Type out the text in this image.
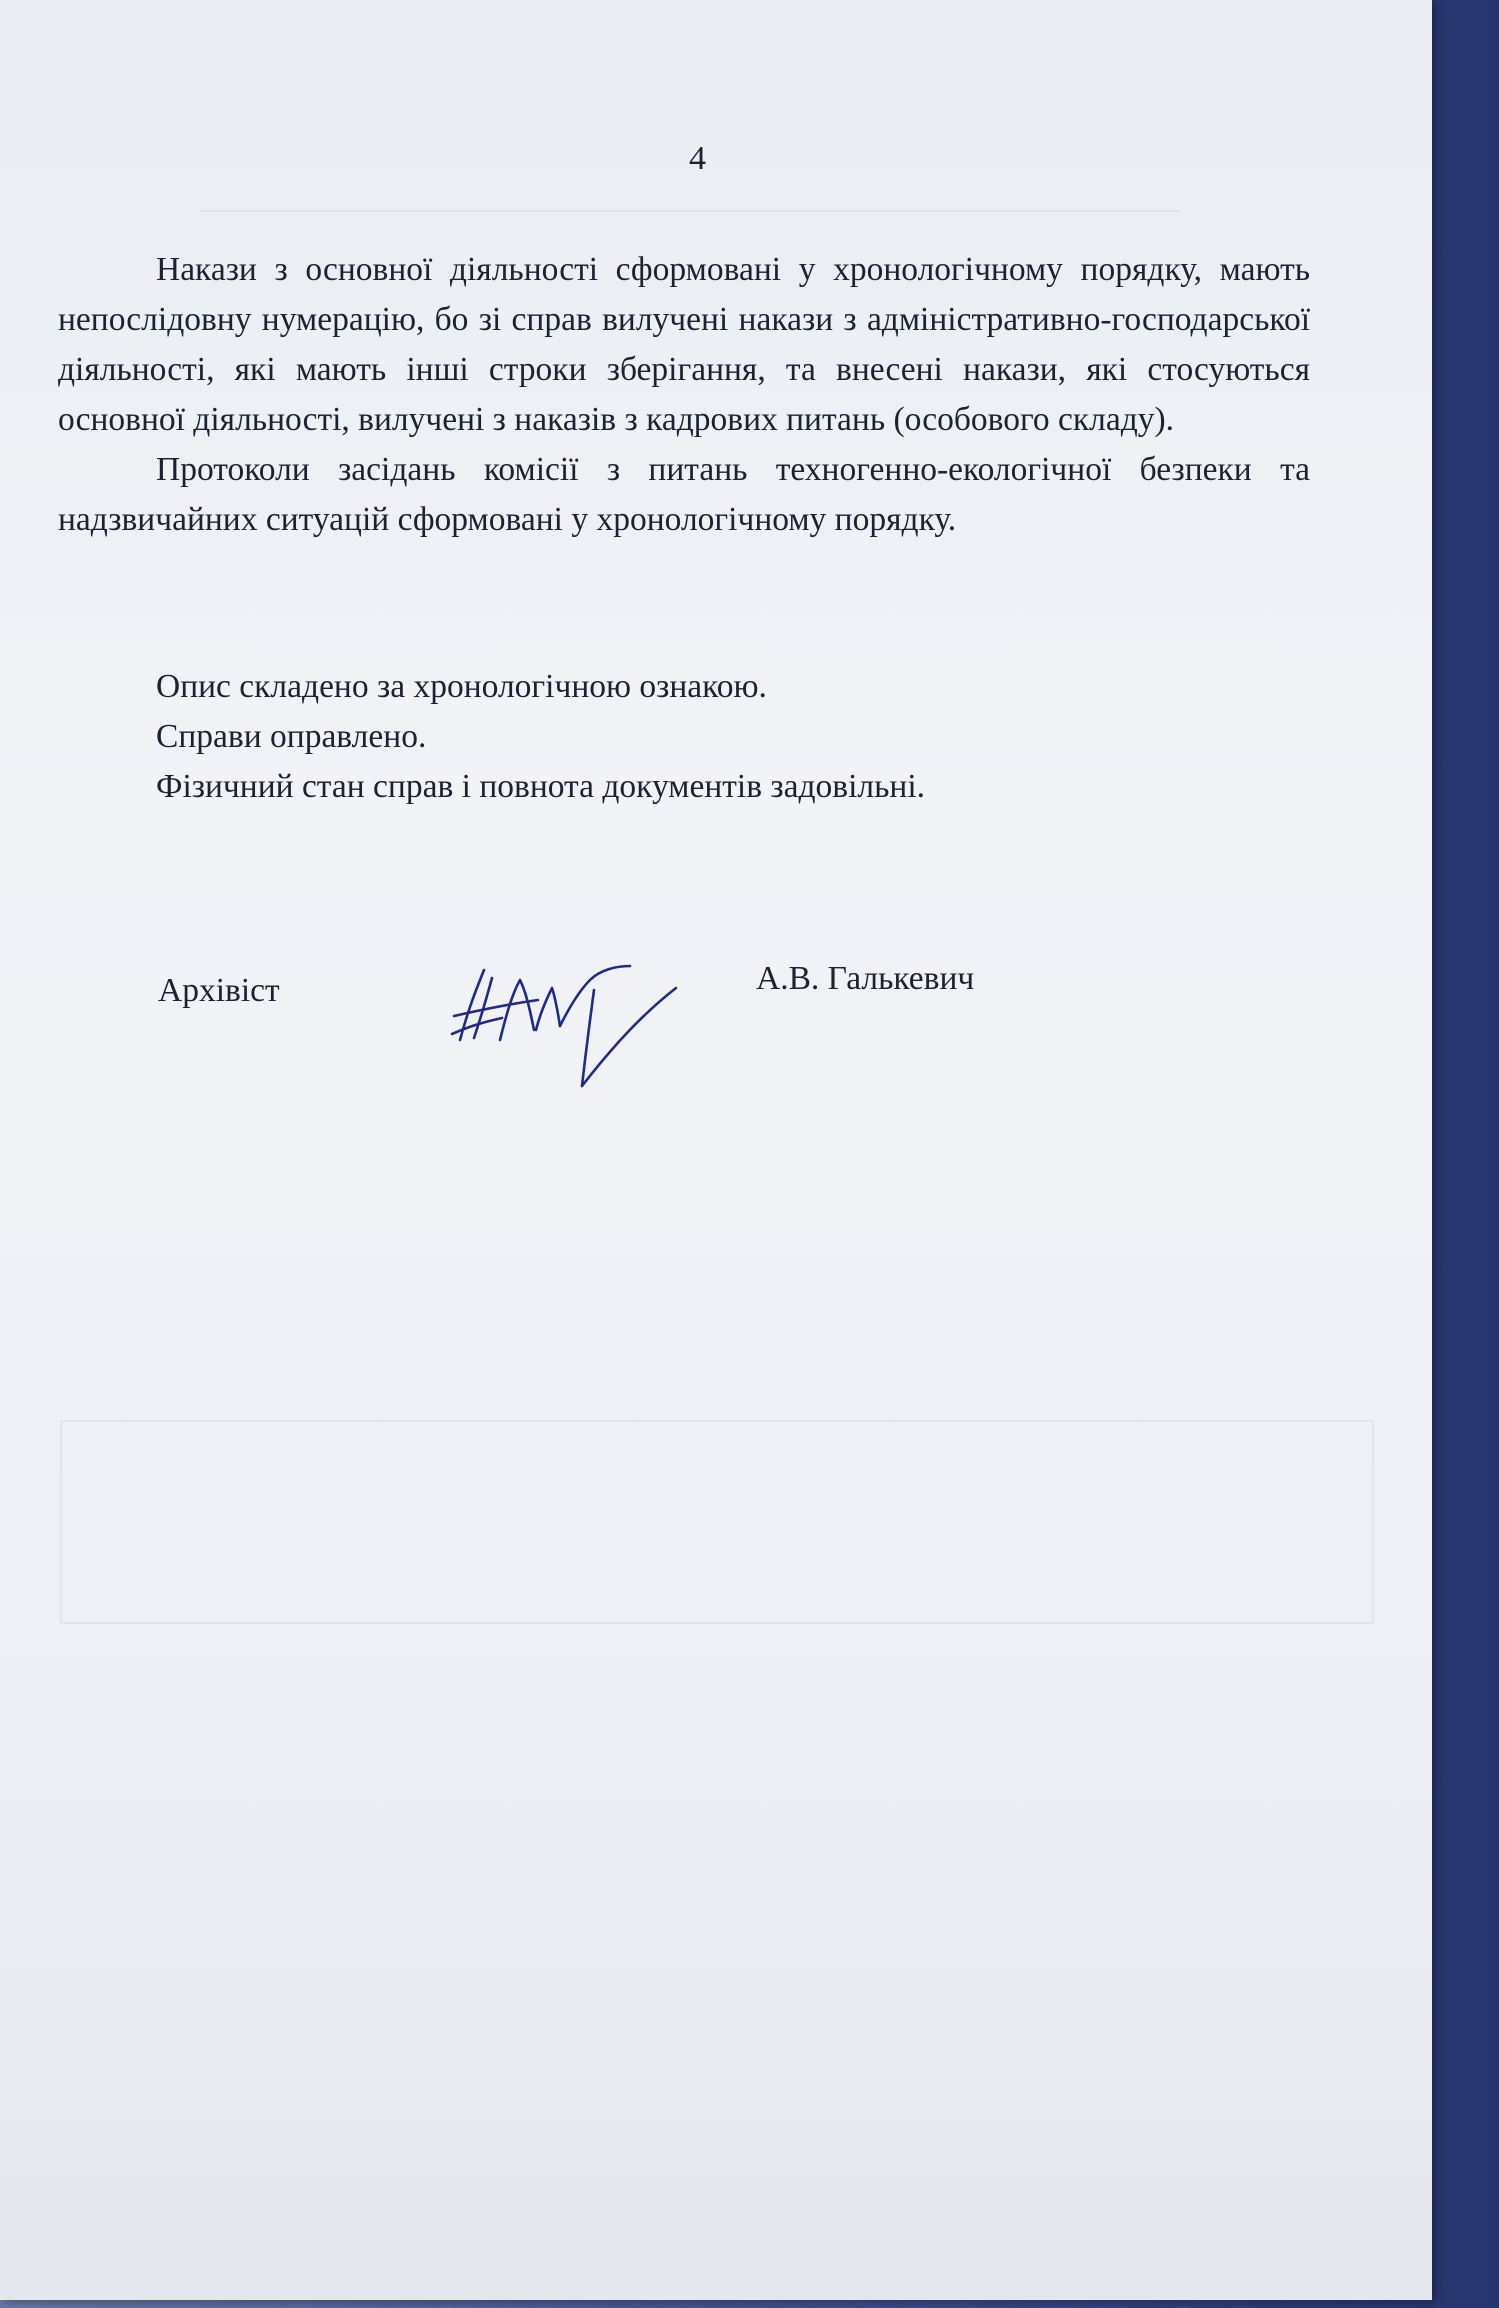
4

Накази з основної діяльності сформовані у хронологічному порядку, мають непослідовну нумерацію, бо зі справ вилучені накази з адміністративно-господарської діяльності, які мають інші строки зберігання, та внесені накази, які стосуються основної діяльності, вилучені з наказів з кадрових питань (особового складу).

Протоколи засідань комісії з питань техногенно-екологічної безпеки та надзвичайних ситуацій сформовані у хронологічному порядку.

Опис складено за хронологічною ознакою.
Справи оправлено.
Фізичний стан справ і повнота документів задовільні.
Архівіст	А.В. Галькевич
